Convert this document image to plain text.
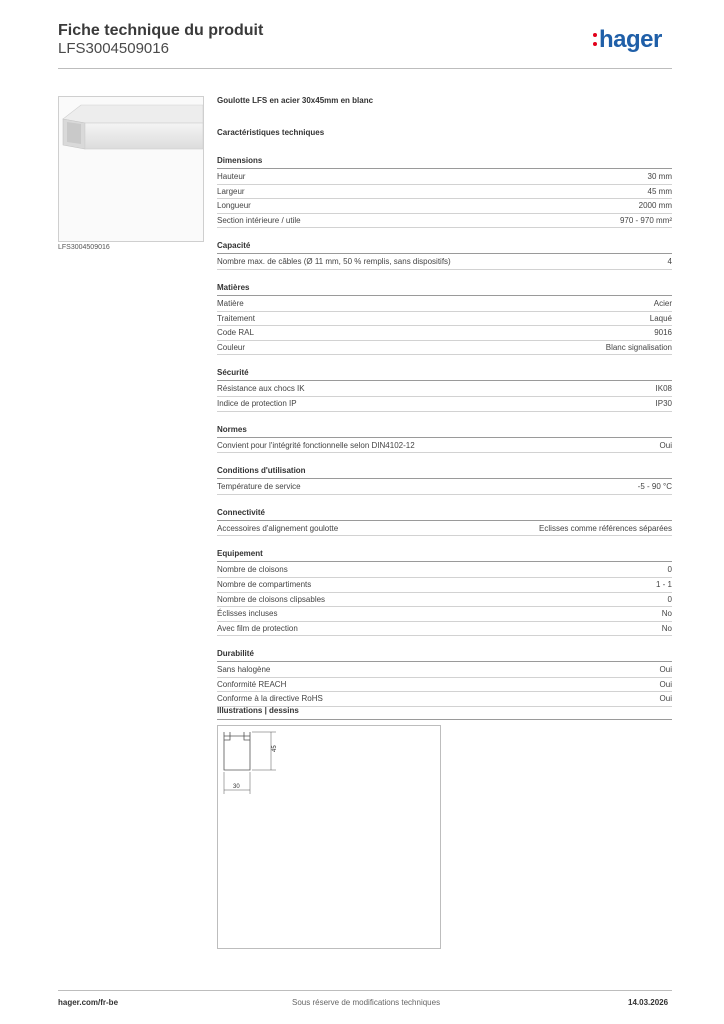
Fiche technique du produit
LFS3004509016	hager
LFS3004509016
Goulotte LFS en acier 30x45mm en blanc
Caractéristiques techniques
Dimensions
Hauteur	30 mm
Largeur	45 mm
Longueur	2000 mm
Section intérieure / utile	970 - 970 mm²
Capacité
Nombre max. de câbles (Ø 11 mm, 50 % remplis, sans dispositifs)	4
Matières
Matière	Acier
Traitement	Laqué
Code RAL	9016
Couleur	Blanc signalisation
Sécurité
Résistance aux chocs IK	IK08
Indice de protection IP	IP30
Normes
Convient pour l'intégrité fonctionnelle selon DIN4102-12	Oui
Conditions d'utilisation
Température de service	-5 - 90 °C
Connectivité
Accessoires d'alignement goulotte	Eclisses comme références séparées
Equipement
Nombre de cloisons	0
Nombre de compartiments	1 - 1
Nombre de cloisons clipsables	0
Éclisses incluses	No
Avec film de protection	No
Durabilité
Sans halogène	Oui
Conformité REACH	Oui
Conforme à la directive RoHS	Oui
Illustrations | dessins
45
30
hager.com/fr-be	Sous réserve de modifications techniques	14.03.2026
